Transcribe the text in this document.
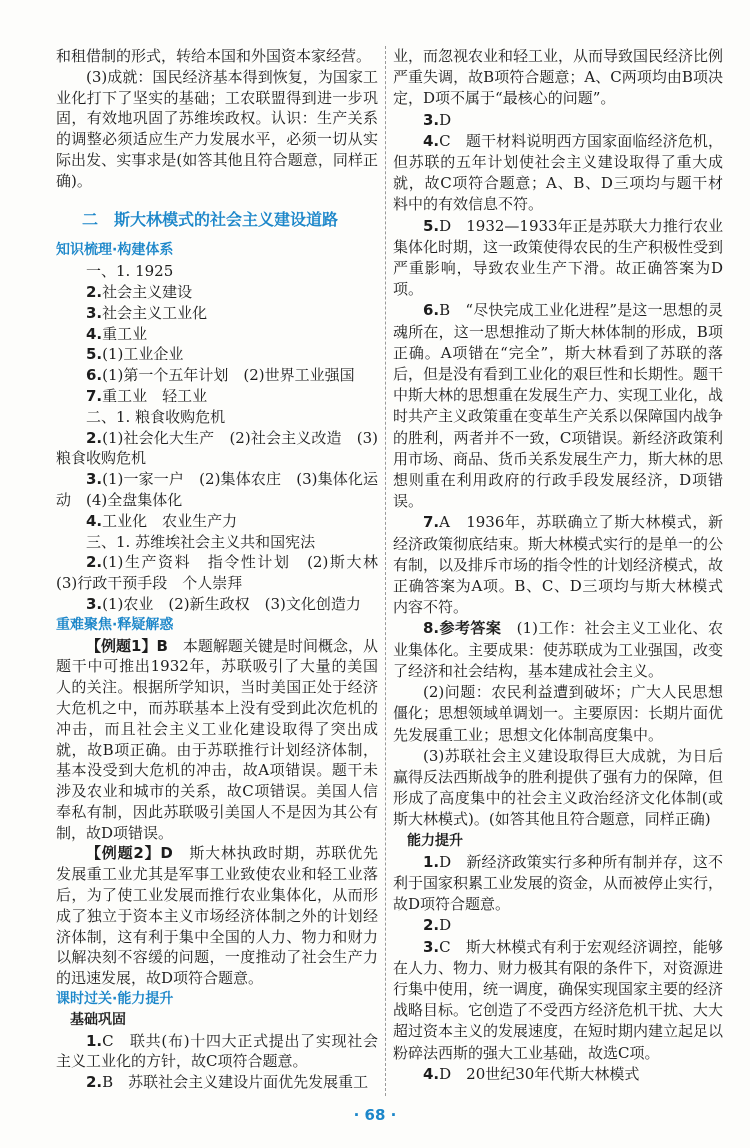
和租借制的形式，转给本国和外国资本家经营。

(3)成就：国民经济基本得到恢复，为国家工业化打下了坚实的基础；工农联盟得到进一步巩固，有效地巩固了苏维埃政权。认识：生产关系的调整必须适应生产力发展水平，必须一切从实际出发、实事求是(如答其他且符合题意，同样正确)。

二　斯大林模式的社会主义建设道路
知识梳理·构建体系

一、1. 1925

2.社会主义建设

3.社会主义工业化

4.重工业

5.(1)工业企业

6.(1)第一个五年计划　(2)世界工业强国

7.重工业　轻工业

二、1. 粮食收购危机

2.(1)社会化大生产　(2)社会主义改造　(3)粮食收购危机

3.(1)一家一户　(2)集体农庄　(3)集体化运动　(4)全盘集体化

4.工业化　农业生产力

三、1. 苏维埃社会主义共和国宪法

2.(1)生产资料　指令性计划　(2)斯大林　(3)行政干预手段　个人崇拜

3.(1)农业　(2)新生政权　(3)文化创造力

重难聚焦·释疑解惑

【例题1】B　 本题解题关键是时间概念，从题干中可推出1932年，苏联吸引了大量的美国人的关注。根据所学知识，当时美国正处于经济大危机之中，而苏联基本上没有受到此次危机的冲击，而且社会主义工业化建设取得了突出成就，故B项正确。由于苏联推行计划经济体制，基本没受到大危机的冲击，故A项错误。题干未涉及农业和城市的关系，故C项错误。美国人信奉私有制，因此苏联吸引美国人不是因为其公有制，故D项错误。

【例题2】D　 斯大林执政时期，苏联优先发展重工业尤其是军事工业致使农业和轻工业落后，为了使工业发展而推行农业集体化，从而形成了独立于资本主义市场经济体制之外的计划经济体制，这有利于集中全国的人力、物力和财力以解决刻不容缓的问题，一度推动了社会生产力的迅速发展，故D项符合题意。

课时过关·能力提升
基础巩固

1.C　联共(布)十四大正式提出了实现社会主义工业化的方针，故C项符合题意。

2.B　苏联社会主义建设片面优先发展重工

业，而忽视农业和轻工业，从而导致国民经济比例严重失调，故B项符合题意；A、C两项均由B项决定，D项不属于“最核心的问题”。

3.D

4.C　题干材料说明西方国家面临经济危机，但苏联的五年计划使社会主义建设取得了重大成就，故C项符合题意；A、B、D三项均与题干材料中的有效信息不符。

5.D　1932—1933年正是苏联大力推行农业集体化时期，这一政策使得农民的生产积极性受到严重影响，导致农业生产下滑。故正确答案为D项。

6.B　“尽快完成工业化进程”是这一思想的灵魂所在，这一思想推动了斯大林体制的形成，B项正确。A项错在“完全”，斯大林看到了苏联的落后，但是没有看到工业化的艰巨性和长期性。题干中斯大林的思想重在发展生产力、实现工业化，战时共产主义政策重在变革生产关系以保障国内战争的胜利，两者并不一致，C项错误。新经济政策利用市场、商品、货币关系发展生产力，斯大林的思想则重在利用政府的行政手段发展经济，D项错误。

7.A　1936年，苏联确立了斯大林模式，新经济政策彻底结束。斯大林模式实行的是单一的公有制，以及排斥市场的指令性的计划经济模式，故正确答案为A项。B、C、D三项均与斯大林模式内容不符。

8.参考答案　 (1)工作：社会主义工业化、农业集体化。主要成果：使苏联成为工业强国，改变了经济和社会结构，基本建成社会主义。

(2)问题：农民利益遭到破坏；广大人民思想僵化；思想领域单调划一。主要原因：长期片面优先发展重工业；思想文化体制高度集中。

(3)苏联社会主义建设取得巨大成就，为日后赢得反法西斯战争的胜利提供了强有力的保障，但形成了高度集中的社会主义政治经济文化体制(或斯大林模式)。(如答其他且符合题意，同样正确)

能力提升

1.D　新经济政策实行多种所有制并存，这不利于国家积累工业发展的资金，从而被停止实行，故D项符合题意。

2.D

3.C　斯大林模式有利于宏观经济调控，能够在人力、物力、财力极其有限的条件下，对资源进行集中使用，统一调度，确保实现国家主要的经济战略目标。它创造了不受西方经济危机干扰、大大超过资本主义的发展速度，在短时期内建立起足以粉碎法西斯的强大工业基础，故选C项。

4.D　20世纪30年代斯大林模式

· 68 ·
